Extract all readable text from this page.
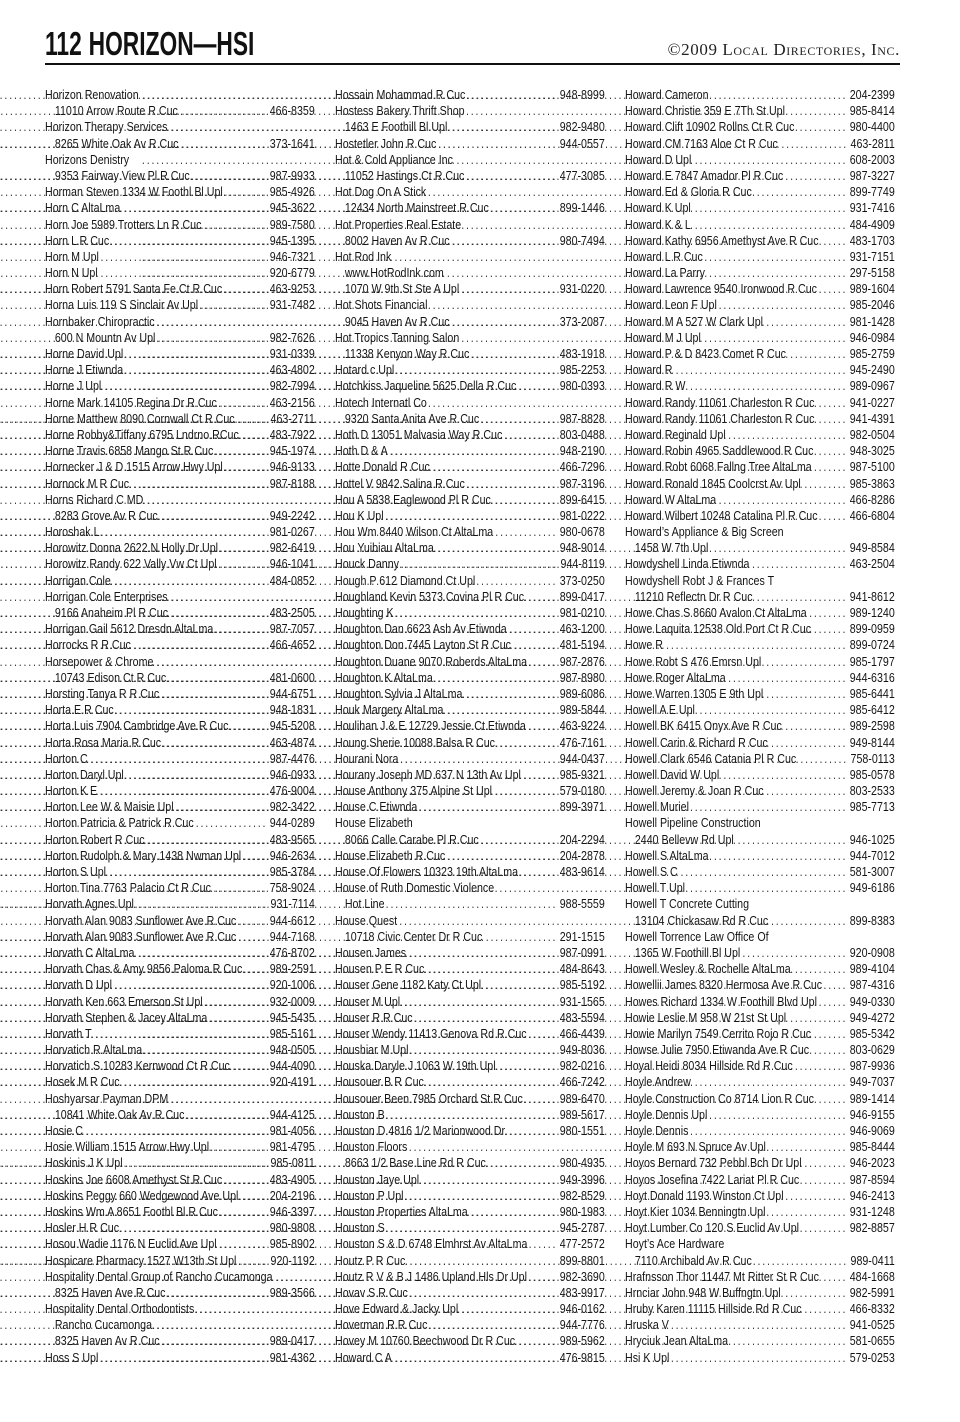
112 HORIZON—HSI	©2009 Local Directories, Inc.
Horizon Renovation
11010 Arrow Route R Cuc .....	466-8359
Horizon Therapy Services
8265 White Oak Av R Cuc .....	373-1641
Horizons Denistry
9353 Fairway View Pl R Cuc .....	987-9933
Horman Steven 1334 W Foothl Bl Upl .....	985-4926
Horn C AltaLma .....	945-3622
Horn Joe 5989 Trotters Ln R Cuc .....	989-7580
Horn L R Cuc .....	945-1395
Horn M Upl .....	946-7321
Horn N Upl .....	920-6779
Horn Robert 5791 Santa Fe Ct R Cuc .....	463-9253
Horna Luis 119 S Sinclair Av Upl .....	931-7482
Hornbaker Chiropractic
600 N Mountn Av Upl .....	982-7626
Horne David Upl .....	931-0339
Horne J Etiwnda .....	463-4802
Horne J Upl .....	982-7994
Horne Mark 14105 Regina Dr R Cuc .....	463-2156
Horne Matthew 8090 Cornwall Ct R Cuc .....	463-2711
Horne Robby&Tiffany 6795 Lndrno RCuc ..... 483-7922
Horne Travis 6858 Mango St R Cuc .....	945-1974
Hornecker J & D 1515 Arrow Hwy Upl .....	946-9133
Hornock M R Cuc .....	987-8188
Horns Richard C MD
8283 Grove Av R Cuc .....	949-2242
Horoshak L .....	981-0267
Horowitz Donna 2622 N Holly Dr Upl .....	982-6419
Horowitz Randy 622 Vally Vw Ct Upl .....	946-1041
Horrigan Cole .....	484-0852
Horrigan Cole Enterprises
9166 Anaheim Pl R Cuc .....	483-2505
Horrigan Gail 5612 Dresdn AltaLma .....	987-7057
Horrocks R R Cuc .....	466-4652
Horsepower & Chrome
10743 Edison Ct R Cuc .....	481-0600
Horsting Tanya R R Cuc .....	944-6751
Horta E R Cuc .....	948-1831
Horta Luis 7904 Cambridge Ave R Cuc .....	945-5208
Horta Rosa Maria R Cuc .....	463-4874
Horton C .....	987-4476
Horton Daryl Upl .....	946-0933
Horton K E .....	476-9004
Horton Lee W & Maisie Upl .....	982-3422
Horton Patricia & Patrick R Cuc .....	944-0289
Horton Robert R Cuc .....	483-9565
Horton Rudolph & Mary 1438 Nwman Upl ..... 946-2634
Horton S Upl .....	985-3784
Horton Tina 7763 Palacio Ct R Cuc .....	758-9024
Horvath Agnes Upl .....	931-7114
Horvath Alan 9083 Sunflower Ave R Cuc .....	944-6612
Horvath Alan 9083 Sunflower Ave R Cuc .....	944-7168
Horvath C AltaLma .....	476-8702
Horvath Chas & Amy 9856 Paloma R Cuc ..... 989-2591
Horvath D Upl .....	920-1006
Horvath Ken 663 Emerson St Upl .....	932-0009
Horvath Stephen & Jacey AltaLma .....	945-5435
Horvath T .....	985-5161
Horvatich R AltaLma .....	948-0505
Horvatich S 10283 Kernwood Ct R Cuc .....	944-4090
Hosek M R Cuc .....	920-4191
Hoshyarsar Payman DPM
10841 White Oak Av R Cuc .....	944-4125
Hosie C .....	981-4056
Hosie William 1515 Arrow Hwy Upl .....	981-4795
Hoskinis J K Upl .....	985-0811
Hoskins Joe 6608 Amethyst St R Cuc .....	483-4905
Hoskins Peggy 660 Wedgewood Ave Upl ..... 204-2196
Hoskins Wm A 8651 Foothl Bl R Cuc .....	946-3397
Hosler H R Cuc .....	980-9808
Hosou Wadie 1176 N Euclid Ave Upl .....	985-8902
Hospicare Pharmacy 1527 W13th St Upl .....	920-1192
Hospitality Dental Group of Rancho Cucamonga
8325 Haven Ave R Cuc .....	989-3566
Hospitality Dental Orthodontists
Rancho Cucamonga
8325 Haven Av R Cuc .....	989-0417
Hoss S Upl .....	981-4362
Hossain Mohammad R Cuc .....	948-8999
Hostess Bakery Thrift Shop
1463 E Foothill Bl Upl .....	982-9480
Hostetler John R Cuc .....	944-0557
Hot & Cold Appliance Inc
11052 Hastings Ct R Cuc .....	477-3085
Hot Dog On A Stick
12434 North Mainstreet R Cuc .....	899-1446
Hot Properties Real Estate
8002 Haven Av R Cuc .....	980-7494
Hot Rod Ink
www.HotRodInk.com
1070 W 9th St Ste A Upl .....	931-0220
Hot Shots Financial
9045 Haven Av R Cuc .....	373-2087
Hot Tropics Tanning Salon
11338 Kenyon Way R Cuc .....	483-1918
Hotard c Upl .....	985-2253
Hotchkiss Jaqueline 5625 Della R Cuc .....	980-0393
Hotech Internatl Co
9320 Santa Anita Ave R Cuc .....	987-8828
Hoth D 13051 Malvasia Way R Cuc .....	803-0488
Hoth D & A .....	948-2190
Hotte Donald R Cuc .....	466-7296
Hottel V 9842 Salina R Cuc .....	987-3196
Hou A 5838 Eaglewood Pl R Cuc .....	899-6415
Hou K Upl .....	981-0222
Hou Wm 8440 Wilson Ct AltaLma .....	980-0678
Hou Yuibiau AltaLma .....	948-9014
Houck Danny .....	944-8119
Hough P 612 Diamond Ct Upl .....	373-0250
Houghland Kevin 5373 Covina Pl R Cuc .....	899-0417
Houghting K .....	981-0210
Houghton Dan 6623 Ash Av Etiwnda .....	463-1200
Houghton Don 7445 Layton St R Cuc .....	481-5194
Houghton Duane 9070 Roberds AltaLma .....	987-2876
Houghton K AltaLma .....	987-8980
Houghton Sylvia J AltaLma .....	989-6086
Houk Margery AltaLma .....	989-5844
Houlihan J & E 12729 Jessie Ct Etiwnda .....	463-9224
Houng Sherie 10088 Balsa R Cuc .....	476-7161
Hourani Nora .....	944-0437
Hourany Joseph MD 637 N 13th Av Upl .....	985-9321
House Anthony 375 Alpine St Upl .....	579-0180
House C Etiwnda .....	899-3971
House Elizabeth
8066 Calle Carabe Pl R Cuc .....	204-2294
House Elizabeth R Cuc .....	204-2878
House Of Flowers 10323 19th AltaLma .....	483-9614
House of Ruth Domestic Violence
Hot Line .....	988-5559
House Quest
10718 Civic Center Dr R Cuc .....	291-1515
Housen James .....	987-0991
Housen P E R Cuc .....	484-8643
Houser Gene 1182 Katy Ct Upl .....	985-5192
Houser M Upl .....	931-1565
Houser R R Cuc .....	483-5594
Houser Wendy 11413 Genova Rd R Cuc .....	466-4439
Houshiar M Upl .....	949-8036
Houska Daryle J 1063 W 19th Upl .....	982-0216
Housouer B R Cuc .....	466-7242
Housouer Been 7985 Orchard St R Cuc .....	989-6470
Houston B .....	989-5617
Houston D 4816 1/2 Marionwood Dr .....	980-1551
Houston Floors
8663 1/2 Base Line Rd R Cuc .....	980-4935
Houston Jaye Upl .....	949-3996
Houston P Upl .....	982-8529
Houston Properties AltaLma .....	980-1983
Houston S .....	945-2787
Houston S & D 6748 Elmhrst Av AltaLma ..... 477-2572
Houtz P R Cuc .....	899-8801
Houtz R V & B J 1486 Upland Hls Dr Upl .....	982-3690
Hovav S R Cuc .....	483-9917
Hove Edward & Jacky Upl .....	946-0162
Hoverman R R Cuc .....	944-7776
Hovey M 10760 Beechwood Dr R Cuc .....	989-5962
Howard C A .....	476-9815
Howard Cameron .....	204-2399
Howard Christie 359 E 7Th St Upl .....	985-8414
Howard Clift 10902 Rollns Ct R Cuc .....	980-4400
Howard CM 7163 Aloe Ct R Cuc .....	463-2811
Howard D Upl .....	608-2003
Howard E 7847 Amador Pl R Cuc .....	987-3227
Howard Ed & Gloria R Cuc .....	899-7749
Howard K Upl .....	931-7416
Howard K & L .....	484-4909
Howard Kathy 6956 Amethyst Ave R Cuc ..... 483-1703
Howard L R Cuc .....	931-7151
Howard La Parry .....	297-5158
Howard Lawrence 9540 Ironwood R Cuc .....	989-1604
Howard Leon F Upl .....	985-2046
Howard M A 527 W Clark Upl .....	981-1428
Howard M J Upl .....	946-0984
Howard P & D 8423 Comet R Cuc .....	985-2759
Howard R .....	945-2490
Howard R W .....	989-0967
Howard Randy 11061 Charleston R Cuc .....	941-0227
Howard Randy 11061 Charleston R Cuc .....	941-4391
Howard Reginald Upl .....	982-0504
Howard Robin 4965 Saddlewood R Cuc .....	948-3025
Howard Robt 6068 Fallng Tree AltaLma .....	987-5100
Howard Ronald 1845 Coolcrst Av Upl .....	985-3863
Howard W AltaLma .....	466-8286
Howard Wilbert 10248 Catalina Pl R Cuc ..... 466-6804
Howard’s Appliance & Big Screen
1458 W 7th Upl .....	949-8584
Howdyshell Linda Etiwnda .....	463-2504
Howdyshell Robt J & Frances T
11210 Reflectn Dr R Cuc .....	941-8612
Howe Chas S 8660 Avalon Ct AltaLma .....	989-1240
Howe Laquita 12538 Old Port Ct R Cuc .....	899-0959
Howe R .....	899-0724
Howe Robt S 476 Emrsn Upl .....	985-1797
Howe Roger AltaLma .....	944-6316
Howe Warren 1305 E 9th Upl .....	985-6441
Howell A E Upl .....	985-6412
Howell BK 6415 Onyx Ave R Cuc .....	989-2598
Howell Carin & Richard R Cuc .....	949-8144
Howell Clark 6546 Catania Pl R Cuc .....	758-0113
Howell David W Upl .....	985-0578
Howell Jeremy & Joan R Cuc .....	803-2533
Howell Muriel .....	985-7713
Howell Pipeline Construction
2440 Bellevw Rd Upl .....	946-1025
Howell S AltaLma .....	944-7012
Howell S C .....	581-3007
Howell T Upl .....	949-6186
Howell T Concrete Cutting
13104 Chickasaw Rd R Cuc .....	899-8383
Howell Torrence Law Office Of
1365 W Foothill Bl Upl .....	920-0908
Howell Wesley & Rochelle AltaLma .....	989-4104
Howellii James 8320 Hermosa Ave R Cuc ..... 987-4316
Howes Richard 1334 W Foothill Blvd Upl .....	949-0330
Howie Leslie M 958 W 21st St Upl .....	949-4272
Howie Marilyn 7549 Cerrito Rojo R Cuc .....	985-5342
Howse Julie 7950 Etiwanda Ave R Cuc .....	803-0629
Hoyal Heidi 8034 Hillside Rd R Cuc .....	987-9936
Hoyle Andrew .....	949-7037
Hoyle Construction Co 8714 Lion R Cuc .....	989-1414
Hoyle Dennis Upl .....	946-9155
Hoyle Dennis .....	946-9069
Hoyle M 693 N Spruce Av Upl .....	985-8444
Hoyos Bernard 732 Pebbl Bch Dr Upl .....	946-2023
Hoyos Josefina 7422 Lariat Pl R Cuc .....	987-8594
Hoyt Donald 1193 Winston Ct Upl .....	946-2413
Hoyt Kier 1034 Benningtn Upl .....	931-1248
Hoyt Lumber Co 120 S Euclid Av Upl .....	982-8857
Hoyt’s Ace Hardware
7110 Archibald Av R Cuc .....	989-0411
Hrafnsson Thor 11447 Mt Ritter St R Cuc ..... 484-1668
Hrnciar John 948 W Buffngtn Upl .....	982-5991
Hruby Karen 11115 Hillside Rd R Cuc .....	466-8332
Hruska V .....	941-0525
Hryciuk Jean AltaLma .....	581-0655
Hsi K Upl .....	579-0253
